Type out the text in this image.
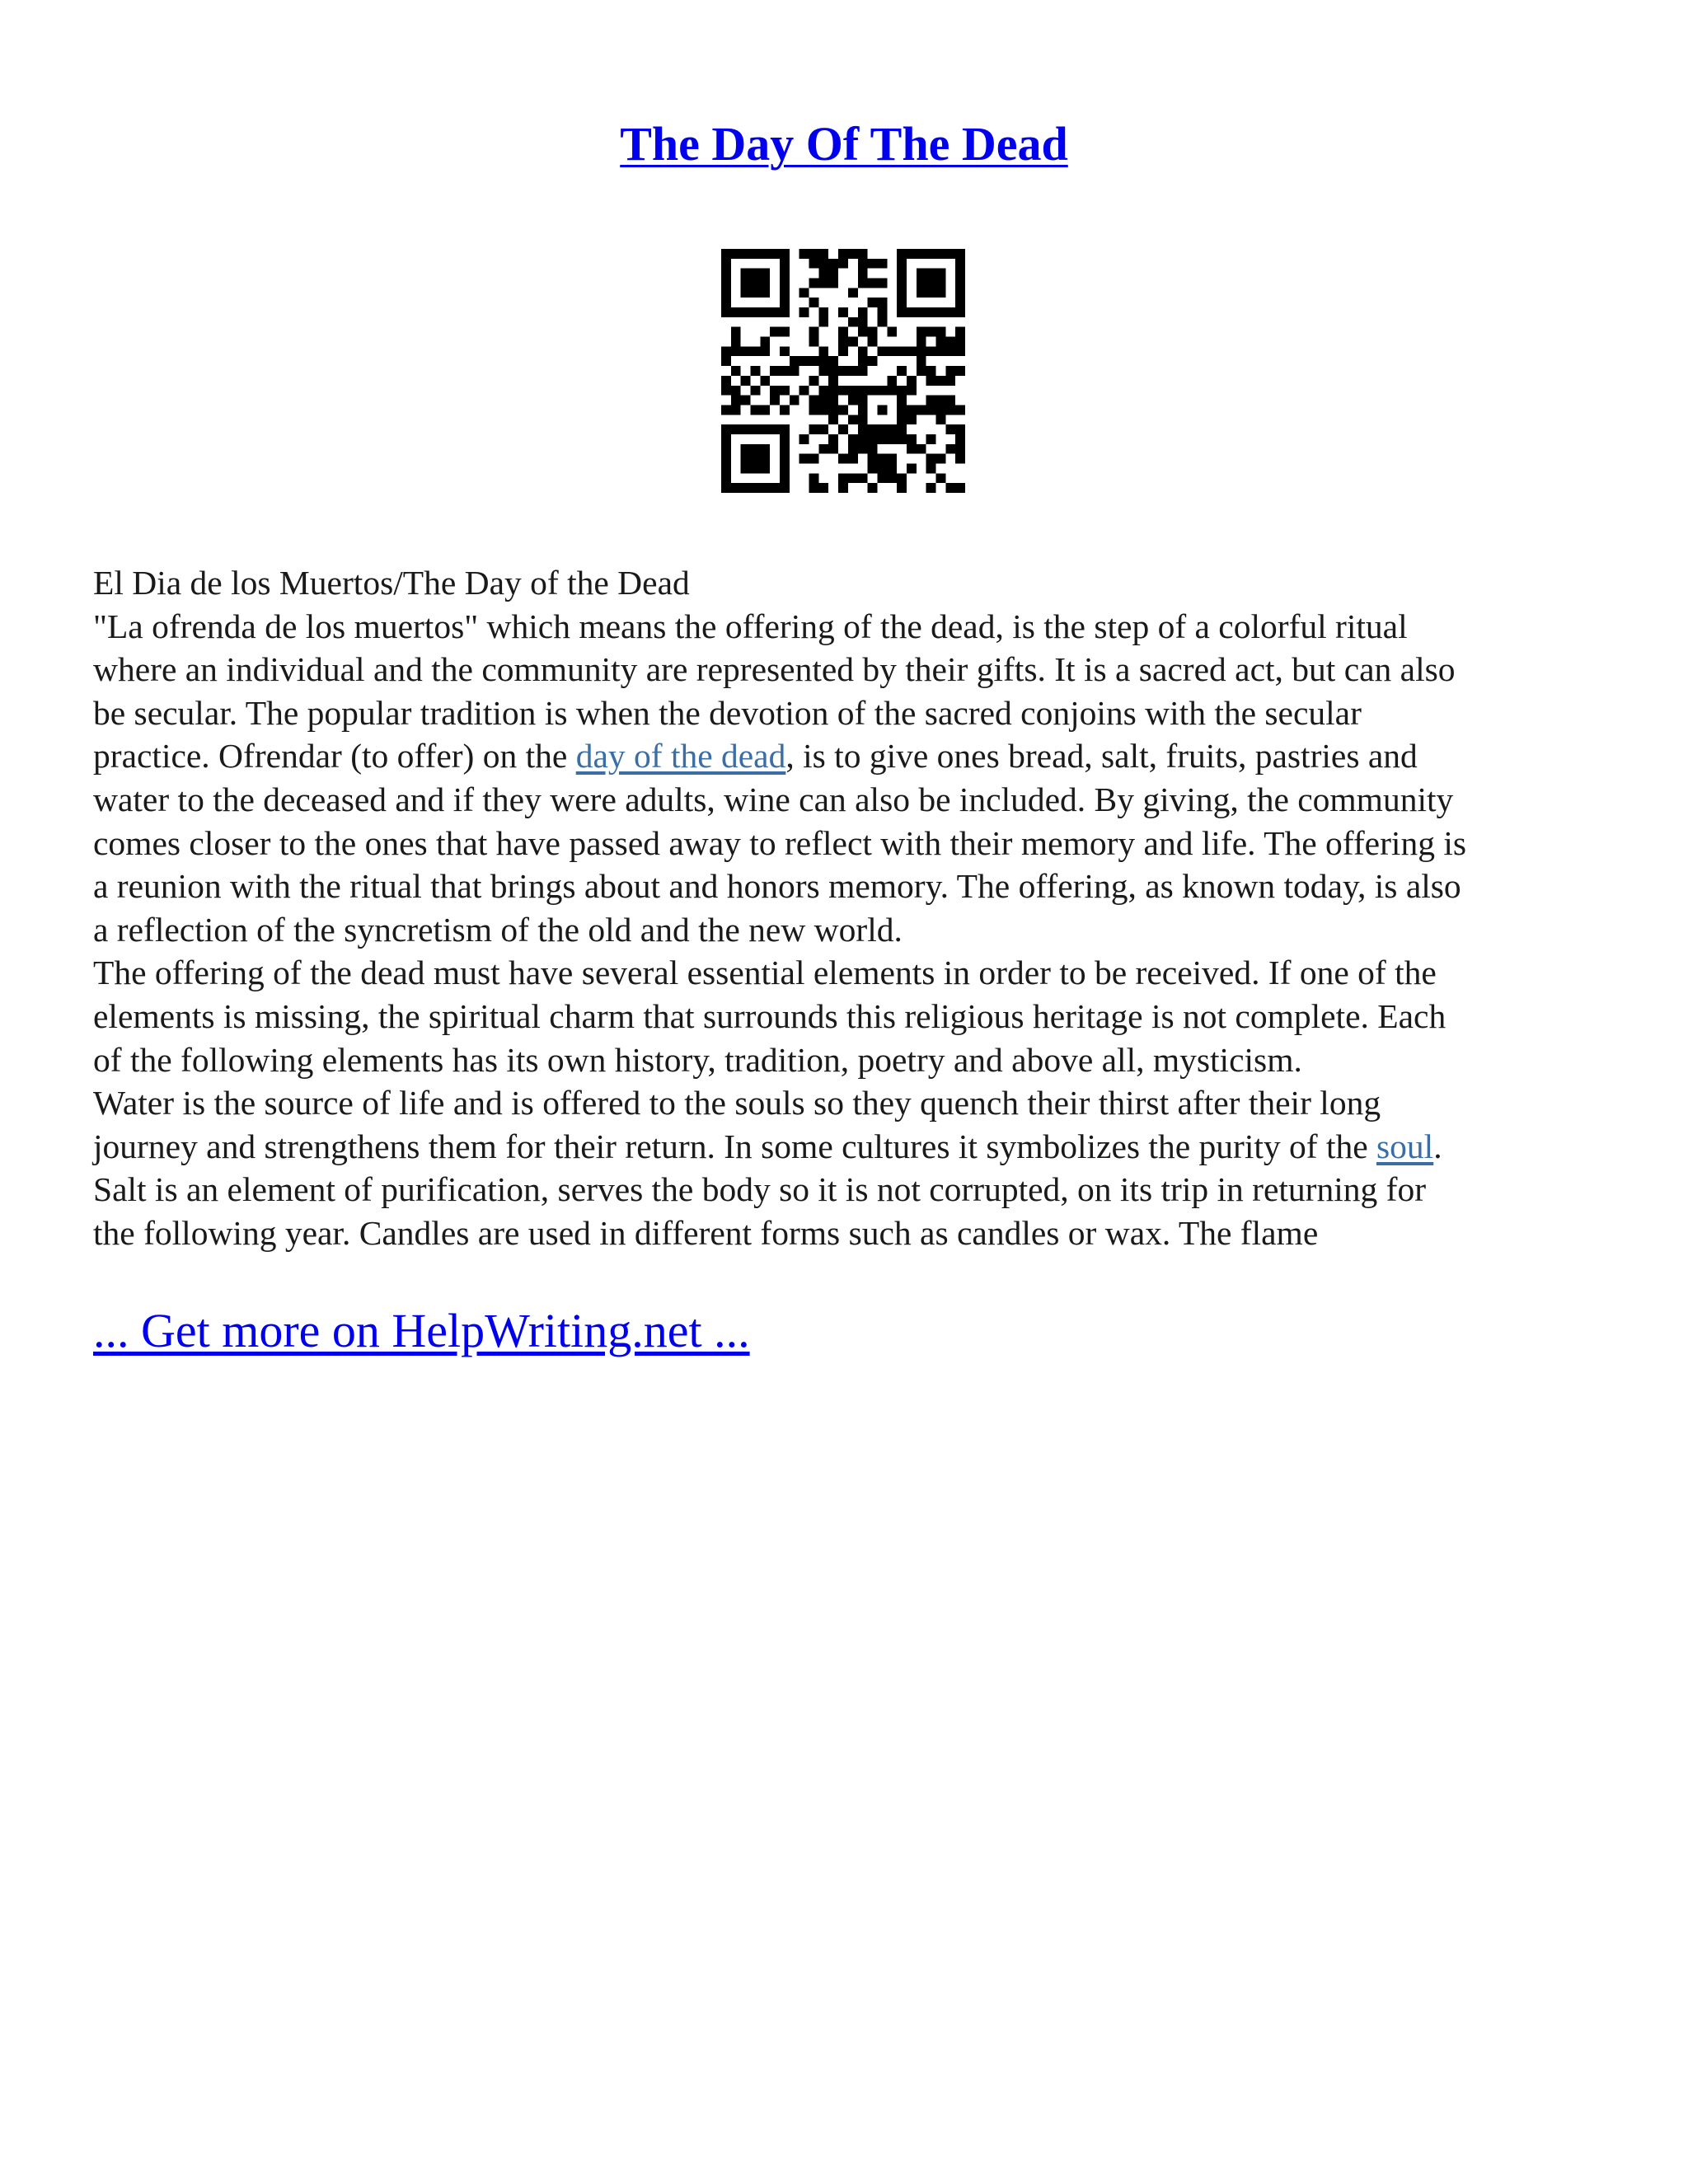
The Day Of The Dead
El Dia de los Muertos/The Day of the Dead
"La ofrenda de los muertos" which means the offering of the dead, is the step of a colorful ritual
where an individual and the community are represented by their gifts. It is a sacred act, but can also
be secular. The popular tradition is when the devotion of the sacred conjoins with the secular
practice. Ofrendar (to offer) on the day of the dead, is to give ones bread, salt, fruits, pastries and
water to the deceased and if they were adults, wine can also be included. By giving, the community
comes closer to the ones that have passed away to reflect with their memory and life. The offering is
a reunion with the ritual that brings about and honors memory. The offering, as known today, is also
a reflection of the syncretism of the old and the new world.
The offering of the dead must have several essential elements in order to be received. If one of the
elements is missing, the spiritual charm that surrounds this religious heritage is not complete. Each
of the following elements has its own history, tradition, poetry and above all, mysticism.
Water is the source of life and is offered to the souls so they quench their thirst after their long
journey and strengthens them for their return. In some cultures it symbolizes the purity of the soul.
Salt is an element of purification, serves the body so it is not corrupted, on its trip in returning for
the following year. Candles are used in different forms such as candles or wax. The flame

... Get more on HelpWriting.net ...
